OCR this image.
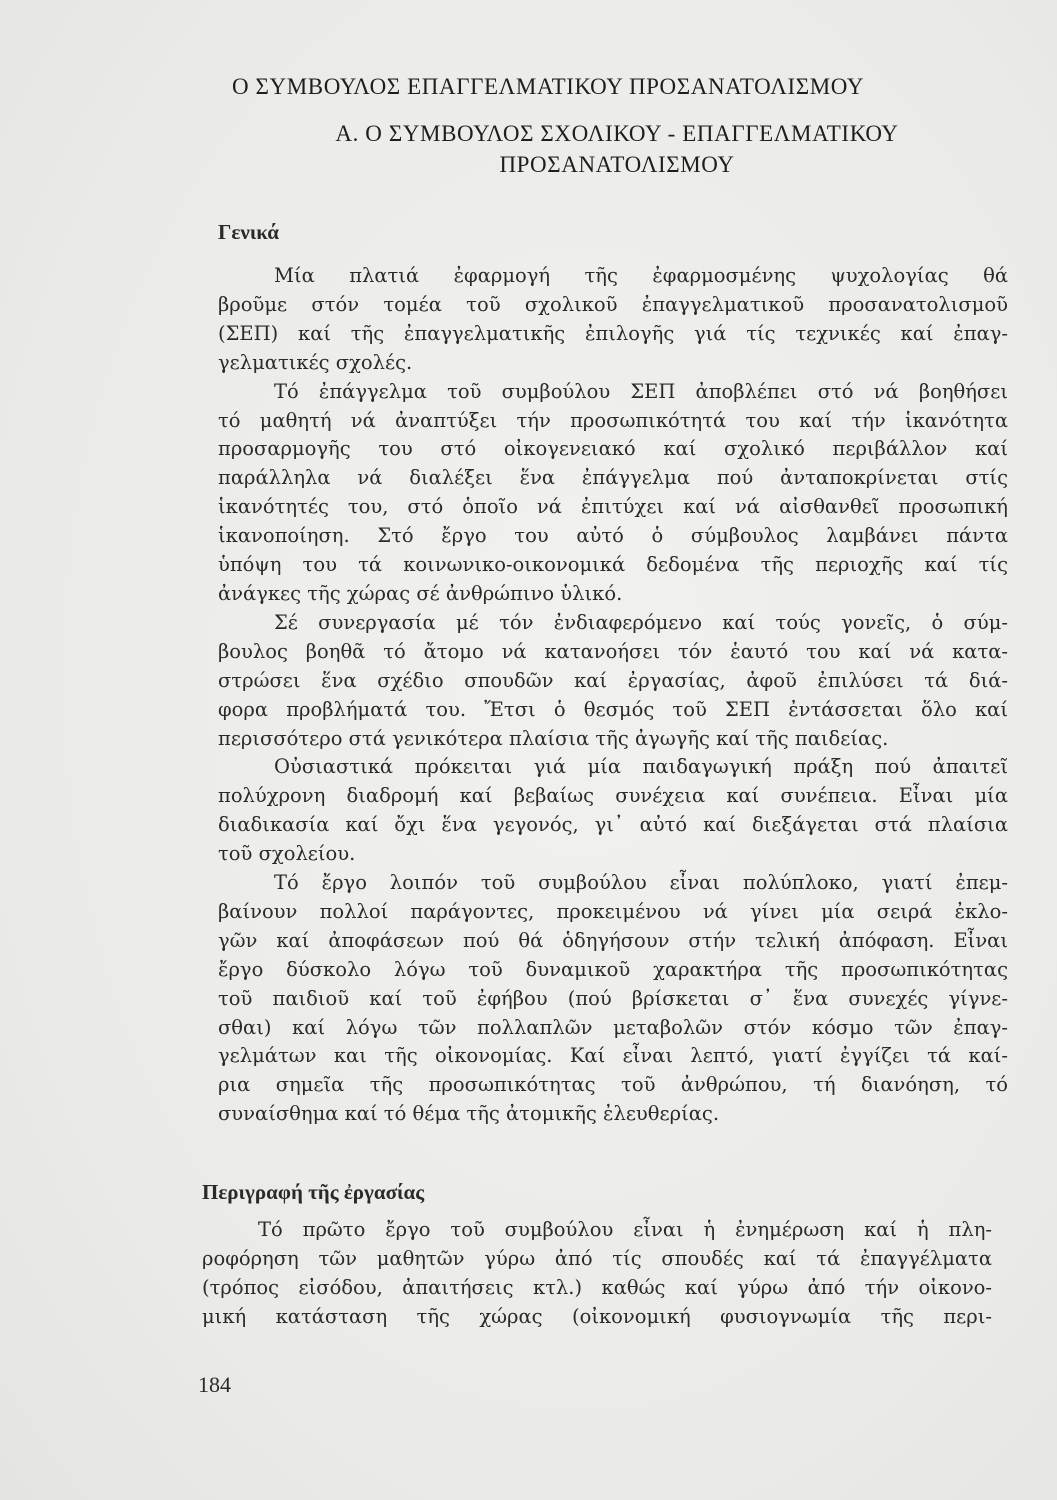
Ο ΣΥΜΒΟΥΛΟΣ ΕΠΑΓΓΕΛΜΑΤΙΚΟΥ ΠΡΟΣΑΝΑΤΟΛΙΣΜΟΥ
Α. Ο ΣΥΜΒΟΥΛΟΣ ΣΧΟΛΙΚΟΥ - ΕΠΑΓΓΕΛΜΑΤΙΚΟΥ
ΠΡΟΣΑΝΑΤΟΛΙΣΜΟΥ
Γενικά

Μία πλατιά ἐφαρμογή τῆς ἐφαρμοσμένης ψυχολογίας θά
βροῦμε στόν τομέα τοῦ σχολικοῦ ἐπαγγελματικοῦ προσανατολισμοῦ
(ΣΕΠ) καί τῆς ἐπαγγελματικῆς ἐπιλογῆς γιά τίς τεχνικές καί ἐπαγ-
γελματικές σχολές.

Τό ἐπάγγελμα τοῦ συμβούλου ΣΕΠ ἀποβλέπει στό νά βοηθήσει
τό μαθητή νά ἀναπτύξει τήν προσωπικότητά του καί τήν ἱκανότητα
προσαρμογῆς του στό οἰκογενειακό καί σχολικό περιβάλλον καί
παράλληλα νά διαλέξει ἕνα ἐπάγγελμα πού ἀνταποκρίνεται στίς
ἱκανότητές του, στό ὁποῖο νά ἐπιτύχει καί νά αἰσθανθεῖ προσωπική
ἱκανοποίηση. Στό ἔργο του αὐτό ὁ σύμβουλος λαμβάνει πάντα
ὑπόψη του τά κοινωνικο-οικονομικά δεδομένα τῆς περιοχῆς καί τίς
ἀνάγκες τῆς χώρας σέ ἀνθρώπινο ὑλικό.

Σέ συνεργασία μέ τόν ἐνδιαφερόμενο καί τούς γονεῖς, ὁ σύμ-
βουλος βοηθᾶ τό ἄτομο νά κατανοήσει τόν ἑαυτό του καί νά κατα-
στρώσει ἕνα σχέδιο σπουδῶν καί ἐργασίας, ἀφοῦ ἐπιλύσει τά διά-
φορα προβλήματά του. Ἔτσι ὁ θεσμός τοῦ ΣΕΠ ἐντάσσεται ὅλο καί
περισσότερο στά γενικότερα πλαίσια τῆς ἀγωγῆς καί τῆς παιδείας.

Οὐσιαστικά πρόκειται γιά μία παιδαγωγική πράξη πού ἀπαιτεῖ
πολύχρονη διαδρομή καί βεβαίως συνέχεια καί συνέπεια. Εἶναι μία
διαδικασία καί ὄχι ἕνα γεγονός, γι᾽ αὐτό καί διεξάγεται στά πλαίσια
τοῦ σχολείου.

Τό ἔργο λοιπόν τοῦ συμβούλου εἶναι πολύπλοκο, γιατί ἐπεμ-
βαίνουν πολλοί παράγοντες, προκειμένου νά γίνει μία σειρά ἐκλο-
γῶν καί ἀποφάσεων πού θά ὁδηγήσουν στήν τελική ἀπόφαση. Εἶναι
ἔργο δύσκολο λόγω τοῦ δυναμικοῦ χαρακτήρα τῆς προσωπικότητας
τοῦ παιδιοῦ καί τοῦ ἐφήβου (πού βρίσκεται σ᾽ ἕνα συνεχές γίγνε-
σθαι) καί λόγω τῶν πολλαπλῶν μεταβολῶν στόν κόσμο τῶν ἐπαγ-
γελμάτων και τῆς οἰκονομίας. Καί εἶναι λεπτό, γιατί ἐγγίζει τά καί-
ρια σημεῖα τῆς προσωπικότητας τοῦ ἀνθρώπου, τή διανόηση, τό
συναίσθημα καί τό θέμα τῆς ἀτομικῆς ἐλευθερίας.

Περιγραφή τῆς ἐργασίας

Τό πρῶτο ἔργο τοῦ συμβούλου εἶναι ἡ ἐνημέρωση καί ἡ πλη-
ροφόρηση τῶν μαθητῶν γύρω ἀπό τίς σπουδές καί τά ἐπαγγέλματα
(τρόπος εἰσόδου, ἀπαιτήσεις κτλ.) καθώς καί γύρω ἀπό τήν οἰκονο-
μική κατάσταση τῆς χώρας (οἰκονομική φυσιογνωμία τῆς περι-

184
